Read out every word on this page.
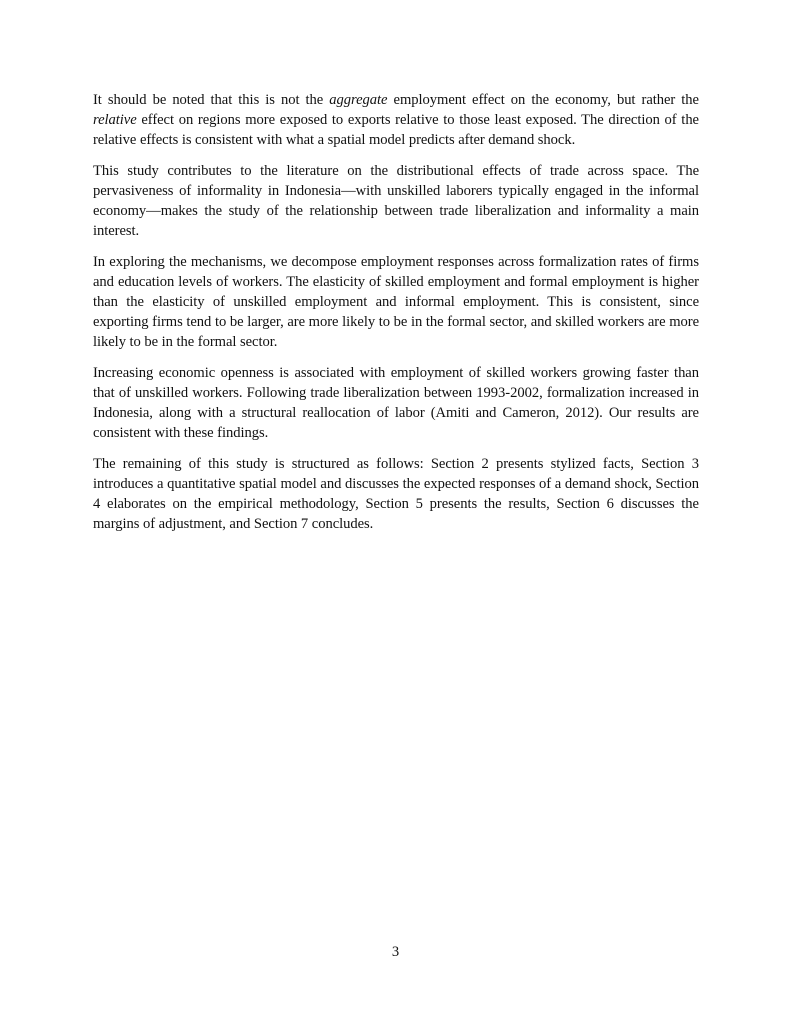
It should be noted that this is not the aggregate employment effect on the economy, but rather the relative effect on regions more exposed to exports relative to those least exposed. The direction of the relative effects is consistent with what a spatial model predicts after demand shock.

This study contributes to the literature on the distributional effects of trade across space. The pervasiveness of informality in Indonesia—with unskilled laborers typically engaged in the informal economy—makes the study of the relationship between trade liberalization and informality a main interest.

In exploring the mechanisms, we decompose employment responses across formalization rates of firms and education levels of workers. The elasticity of skilled employment and formal employment is higher than the elasticity of unskilled employment and informal employment. This is consistent, since exporting firms tend to be larger, are more likely to be in the formal sector, and skilled workers are more likely to be in the formal sector.

Increasing economic openness is associated with employment of skilled workers growing faster than that of unskilled workers. Following trade liberalization between 1993-2002, formalization increased in Indonesia, along with a structural reallocation of labor (Amiti and Cameron, 2012). Our results are consistent with these findings.

The remaining of this study is structured as follows: Section 2 presents stylized facts, Section 3 introduces a quantitative spatial model and discusses the expected responses of a demand shock, Section 4 elaborates on the empirical methodology, Section 5 presents the results, Section 6 discusses the margins of adjustment, and Section 7 concludes.

3
